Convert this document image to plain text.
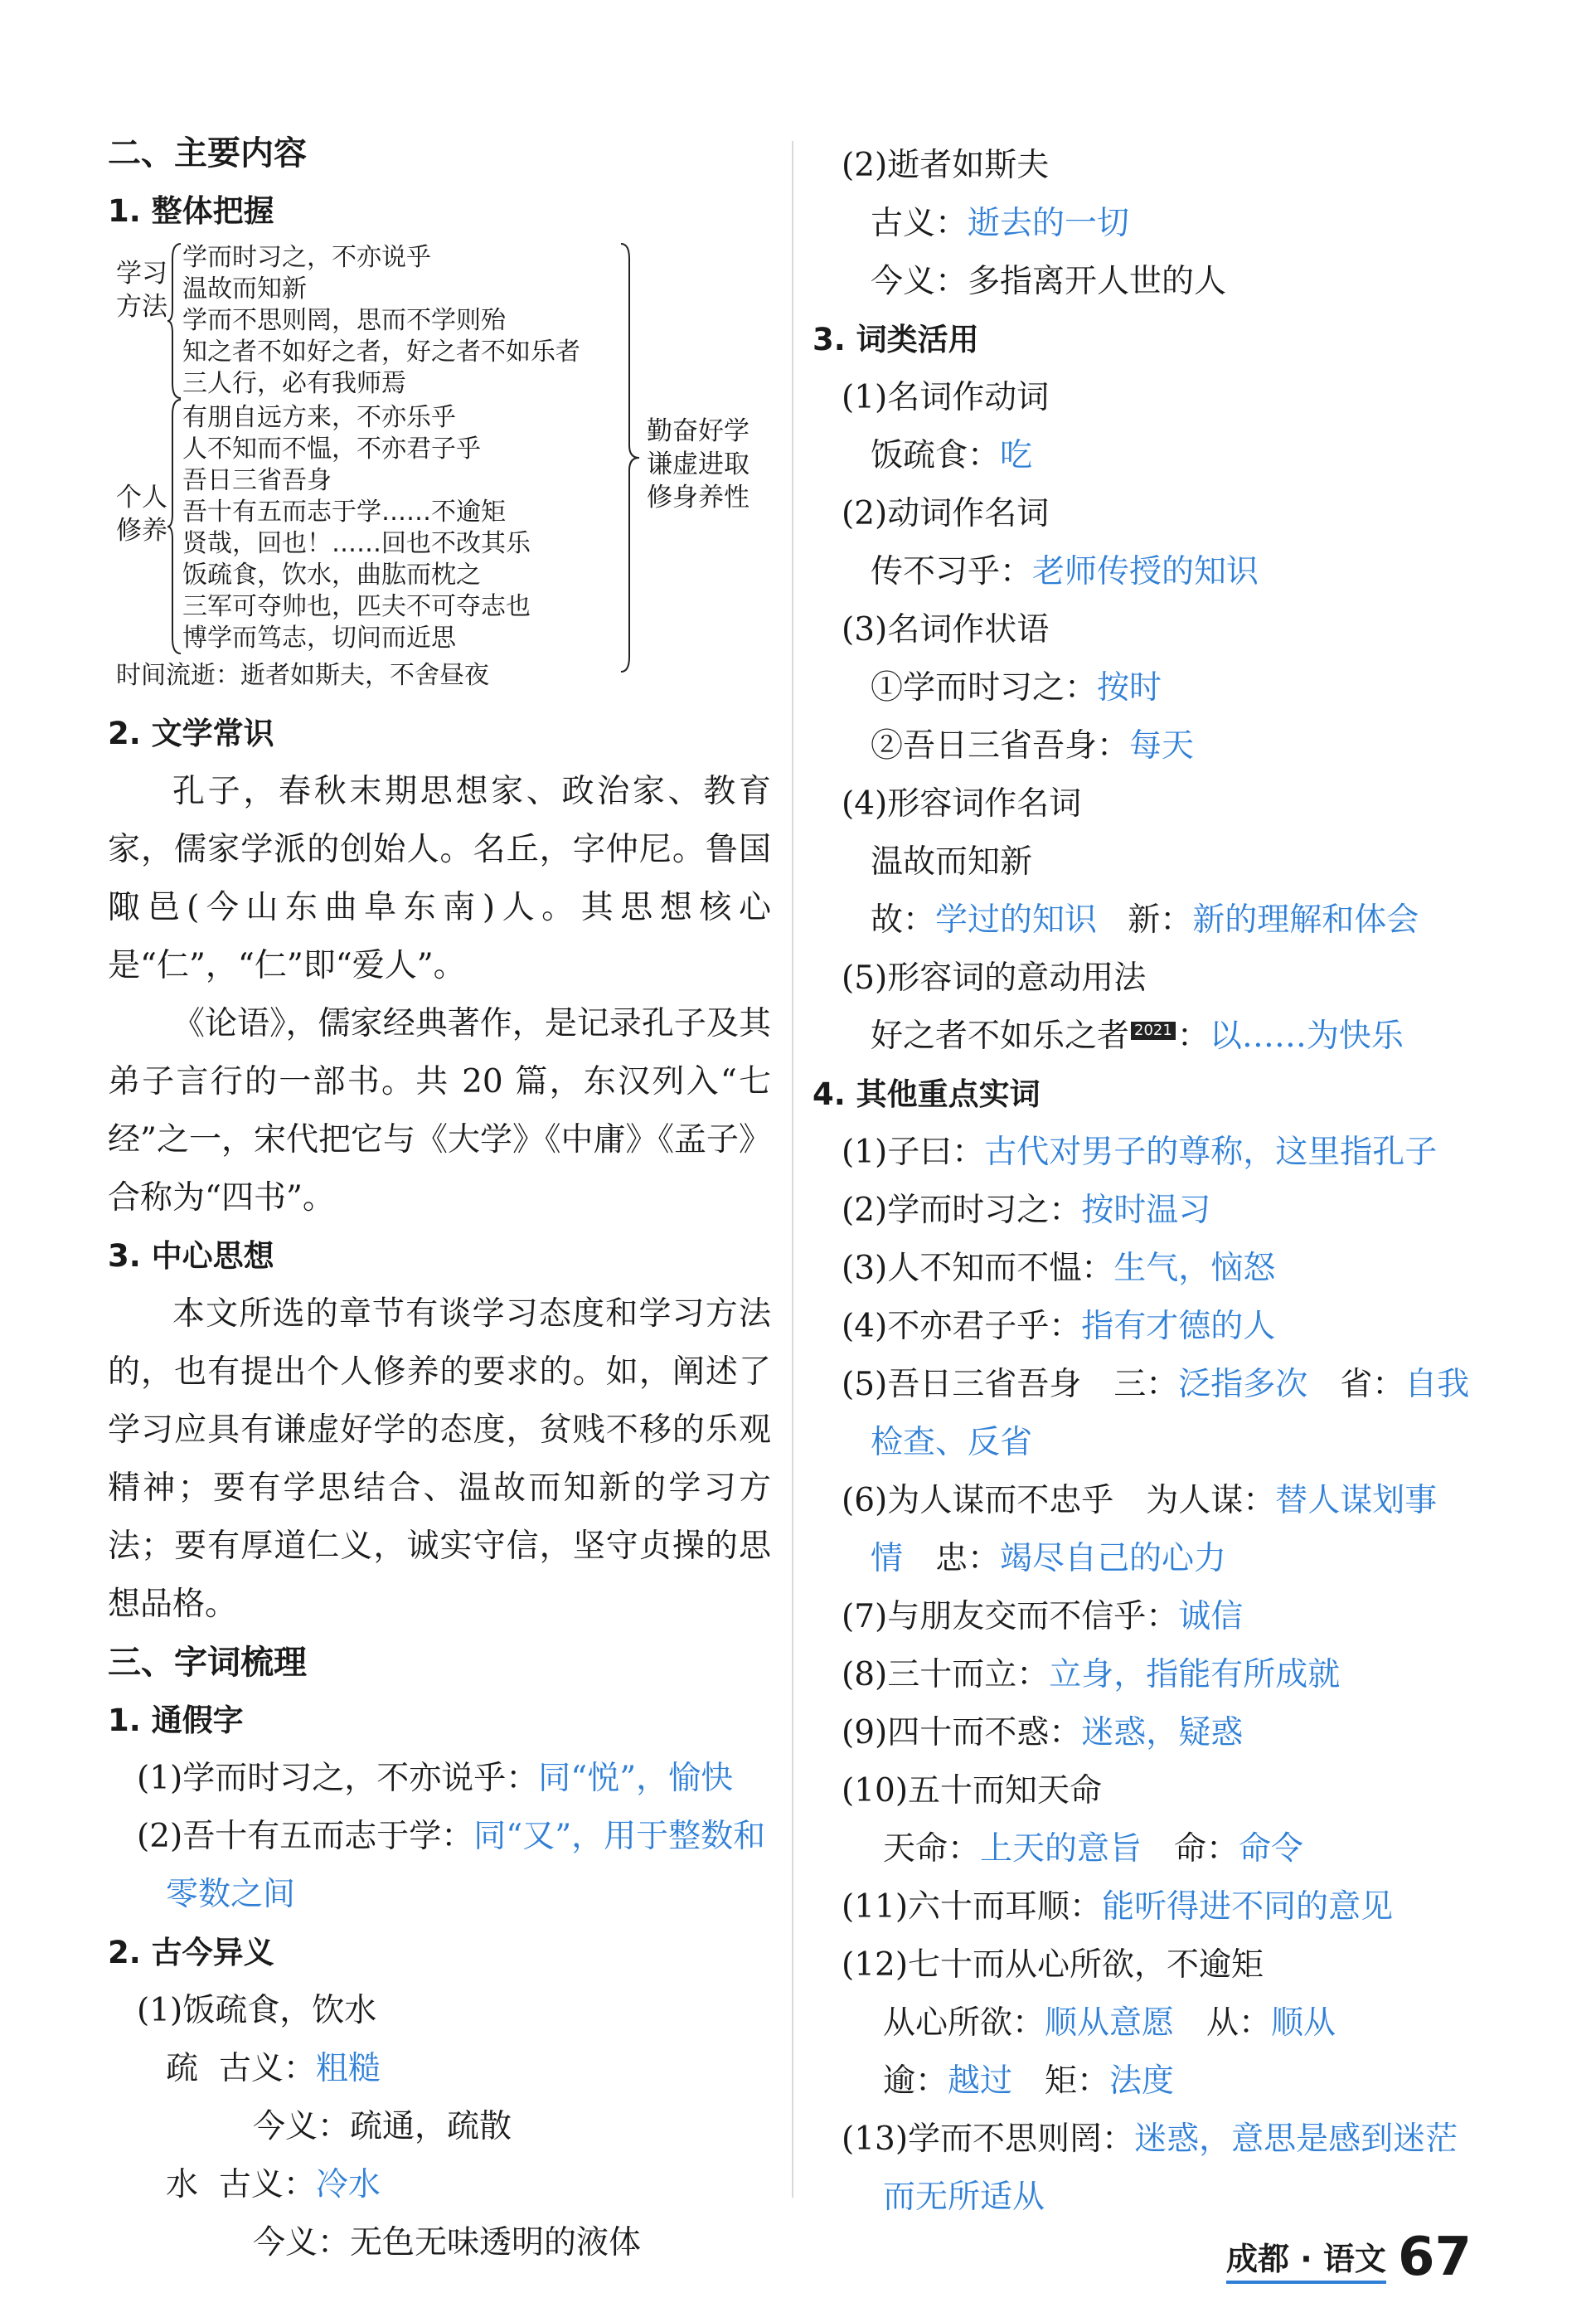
二、主要内容
1. 整体把握
学习方法
学而时习之，不亦说乎
温故而知新
学而不思则罔，思而不学则殆
知之者不如好之者，好之者不如乐者
三人行，必有我师焉
个人修养
有朋自远方来，不亦乐乎
人不知而不愠，不亦君子乎
吾日三省吾身
吾十有五而志于学……不逾矩
贤哉，回也！……回也不改其乐
饭疏食，饮水，曲肱而枕之
三军可夺帅也，匹夫不可夺志也
博学而笃志，切问而近思
时间流逝：逝者如斯夫，不舍昼夜
勤奋好学
谦虚进取
修身养性
2. 文学常识
孔子，春秋末期思想家、政治家、教育家，儒家学派的创始人。名丘，字仲尼。鲁国陬邑(今山东曲阜东南)人。其思想核心是“仁”，“仁”即“爱人”。
《论语》，儒家经典著作，是记录孔子及其弟子言行的一部书。共 20 篇，东汉列入“七经”之一，宋代把它与《大学》《中庸》《孟子》合称为“四书”。
3. 中心思想
本文所选的章节有谈学习态度和学习方法的，也有提出个人修养的要求的。如，阐述了学习应具有谦虚好学的态度，贫贱不移的乐观精神；要有学思结合、温故而知新的学习方法；要有厚道仁义，诚实守信，坚守贞操的思想品格。
三、字词梳理
1. 通假字
(1)学而时习之，不亦说乎：同“悦”，愉快
(2)吾十有五而志于学：同“又”，用于整数和
零数之间
2. 古今异义
(1)饭疏食，饮水
疏 古义：粗糙
今义：疏通，疏散
水 古义：冷水
今义：无色无味透明的液体
(2)逝者如斯夫
古义：逝去的一切
今义：多指离开人世的人
3. 词类活用
(1)名词作动词
饭疏食：吃
(2)动词作名词
传不习乎：老师传授的知识
(3)名词作状语
①学而时习之：按时
②吾日三省吾身：每天
(4)形容词作名词
温故而知新
故：学过的知识 新：新的理解和体会
(5)形容词的意动用法
好之者不如乐之者 2021 ：以……为快乐
4. 其他重点实词
(1)子曰：古代对男子的尊称，这里指孔子
(2)学而时习之：按时温习
(3)人不知而不愠：生气，恼怒
(4)不亦君子乎：指有才德的人
(5)吾日三省吾身　三：泛指多次　省：自我
检查、反省
(6)为人谋而不忠乎　为人谋：替人谋划事
情　忠：竭尽自己的心力
(7)与朋友交而不信乎：诚信
(8)三十而立：立身，指能有所成就
(9)四十而不惑：迷惑，疑惑
(10)五十而知天命
天命：上天的意旨　命：命令
(11)六十而耳顺：能听得进不同的意见
(12)七十而从心所欲，不逾矩
从心所欲：顺从意愿　从：顺从
逾：越过　矩：法度
(13)学而不思则罔：迷惑，意思是感到迷茫
而无所适从
成都 · 语文 67
